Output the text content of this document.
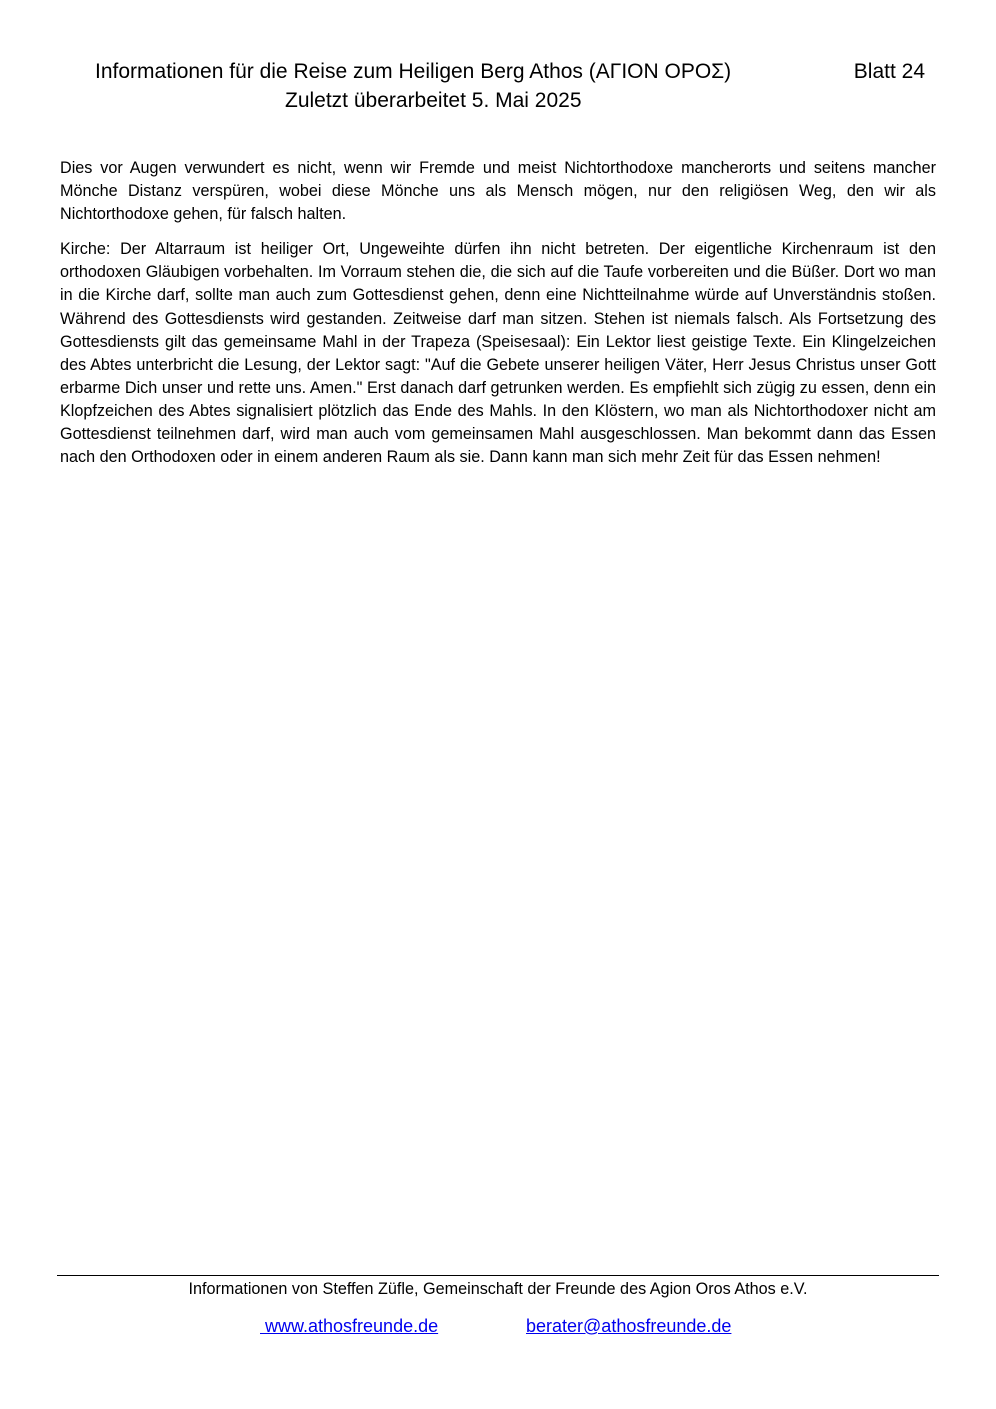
Informationen für die Reise zum Heiligen Berg Athos (ΑΓΙΟΝ ΟΡΟΣ)	Blatt 24
Zuletzt überarbeitet 5. Mai 2025

Dies vor Augen verwundert es nicht, wenn wir Fremde und meist Nichtorthodoxe mancherorts und seitens mancher Mönche Distanz verspüren, wobei diese Mönche uns als Mensch mögen, nur den religiösen Weg, den wir als Nichtorthodoxe gehen, für falsch halten.

Kirche: Der Altarraum ist heiliger Ort, Ungeweihte dürfen ihn nicht betreten. Der eigentliche Kirchenraum ist den orthodoxen Gläubigen vorbehalten. Im Vorraum stehen die, die sich auf die Taufe vorbereiten und die Büßer. Dort wo man in die Kirche darf, sollte man auch zum Gottesdienst gehen, denn eine Nichtteilnahme würde auf Unverständnis stoßen. Während des Gottesdiensts wird gestanden. Zeitweise darf man sitzen. Stehen ist niemals falsch. Als Fortsetzung des Gottesdiensts gilt das gemeinsame Mahl in der Trapeza (Speisesaal): Ein Lektor liest geistige Texte. Ein Klingelzeichen des Abtes unterbricht die Lesung, der Lektor sagt: "Auf die Gebete unserer heiligen Väter, Herr Jesus Christus unser Gott erbarme Dich unser und rette uns. Amen." Erst danach darf getrunken werden. Es empfiehlt sich zügig zu essen, denn ein Klopfzeichen des Abtes signalisiert plötzlich das Ende des Mahls. In den Klöstern, wo man als Nichtorthodoxer nicht am Gottesdienst teilnehmen darf, wird man auch vom gemeinsamen Mahl ausgeschlossen. Man bekommt dann das Essen nach den Orthodoxen oder in einem anderen Raum als sie. Dann kann man sich mehr Zeit für das Essen nehmen!

Informationen von Steffen Züfle, Gemeinschaft der Freunde des Agion Oros Athos e.V.
www.athosfreunde.de	berater@athosfreunde.de
